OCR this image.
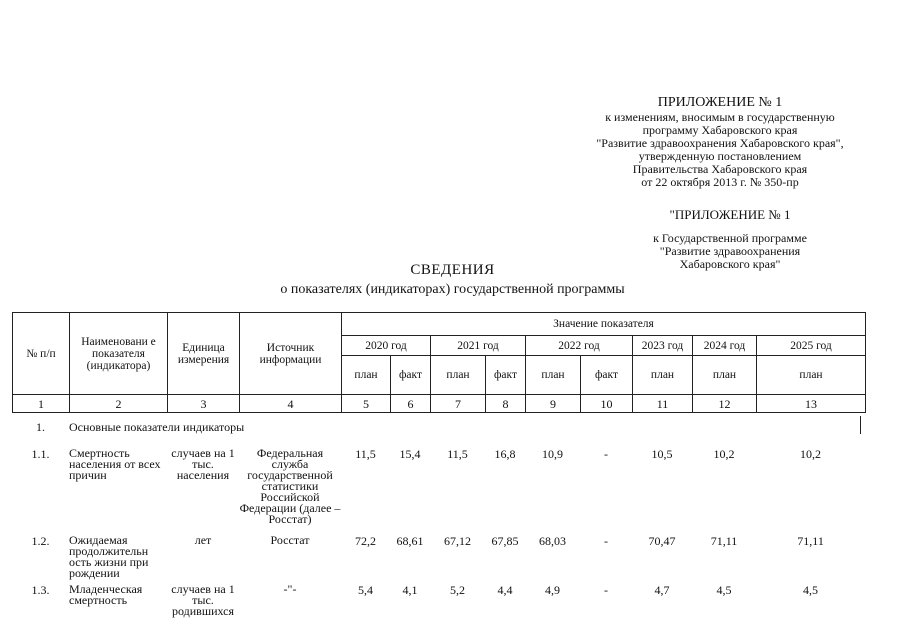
ПРИЛОЖЕНИЕ № 1
к изменениям, вносимым в государственную
программу Хабаровского края
"Развитие здравоохранения Хабаровского края",
утвержденную постановлением
Правительства Хабаровского края
от 22 октября 2013 г. № 350-пр
"ПРИЛОЖЕНИЕ № 1
к Государственной программе
"Развитие здравоохранения
Хабаровского края"
СВЕДЕНИЯ
о показателях (индикаторах) государственной программы
№ п/п	Наименовани е показателя (индикатора)	Единица измерения	Источник информации	Значение показателя								
				2020 год		2021 год		2022 год		2023 год	2024 год	2025 год
				план	факт	план	факт	план	факт	план	план	план
1	2	3	4	5	6	7	8	9	10	11	12	13
1.	Основные показатели индикаторы											
1.1.	Смертность населения от всех причин	случаев на 1 тыс. населения	Федеральная служба государственной статистики Российской Федерации (далее – Росстат)	11,5	15,4	11,5	16,8	10,9	-	10,5	10,2	10,2
1.2.	Ожидаемая продолжительн ость жизни при рождении	лет	Росстат	72,2	68,61	67,12	67,85	68,03	-	70,47	71,11	71,11
1.3.	Младенческая смертность	случаев на 1 тыс. родившихся	-"-	5,4	4,1	5,2	4,4	4,9	-	4,7	4,5	4,5
